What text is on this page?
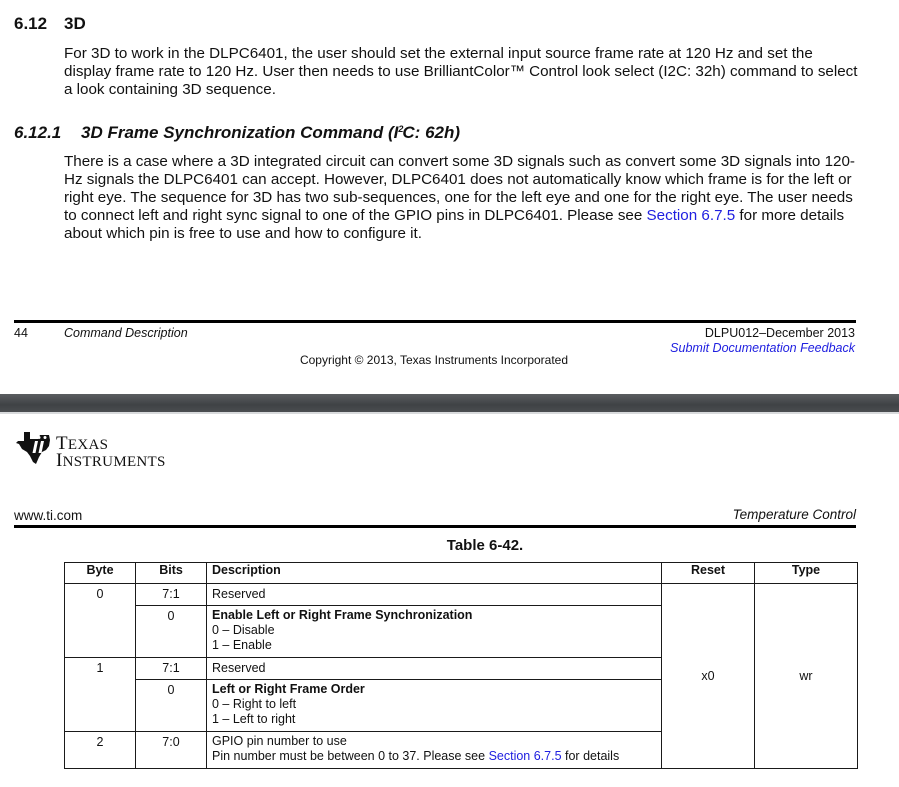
6.12 3D
For 3D to work in the DLPC6401, the user should set the external input source frame rate at 120 Hz and set the display frame rate to 120 Hz. User then needs to use BrilliantColor™ Control look select (I2C: 32h) command to select a look containing 3D sequence.
6.12.1 3D Frame Synchronization Command ($I^2C$: 62h)
There is a case where a 3D integrated circuit can convert some 3D signals such as convert some 3D signals into 120-Hz signals the DLPC6401 can accept. However, DLPC6401 does not automatically know which frame is for the left or right eye. The sequence for 3D has two sub-sequences, one for the left eye and one for the right eye. The user needs to connect left and right sync signal to one of the GPIO pins in DLPC6401. Please see Section 6.7.5 for more details about which pin is free to use and how to configure it.
44	Command Description	DLPU012–December 2013
Submit Documentation Feedback
Copyright © 2013, Texas Instruments Incorporated
TEXAS
INSTRUMENTS
www.ti.com	Temperature Control
Table 6-42.
Byte	Bits	Description	Reset	Type
0	7:1	Reserved	x0	wr
	0	Enable Left or Right Frame Synchronization
0 – Disable
1 – Enable		

1	7:1	Reserved		
	0	Left or Right Frame Order
0 – Right to left
1 – Left to right		

2	7:0	GPIO pin number to use
Pin number must be between 0 to 37. Please see Section 6.7.5 for details		
